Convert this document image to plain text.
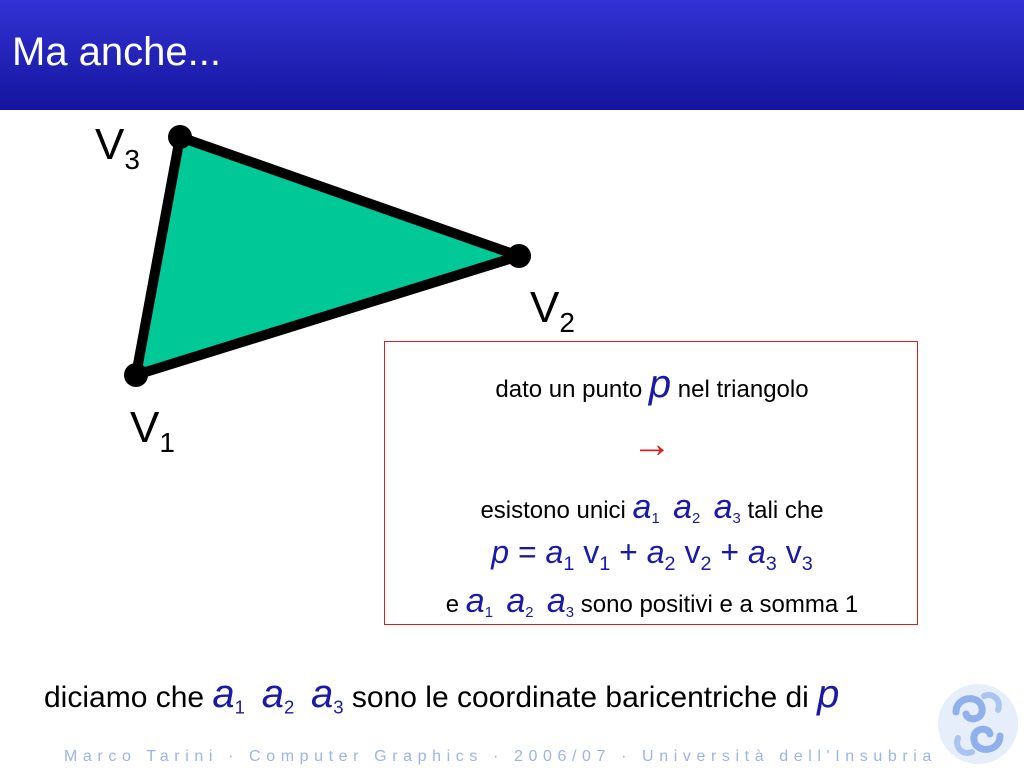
Ma anche...
$V_3$
$V_2$
$V_1$
dato un punto p nel triangolo
→
esistono unici $a_1$ $a_2$ $a_3$ tali che
$p = a_1$ $v_1 + a_2$ $v_2 + a_3$ $v_3$
e $a_1$ $a_2$ $a_3$ sono positivi e a somma 1
diciamo che $a_1$ $a_2$ $a_3$ sono le coordinate baricentriche di p
Marco Tarini · Computer Graphics · 2006/07 · Università dell'Insubria
